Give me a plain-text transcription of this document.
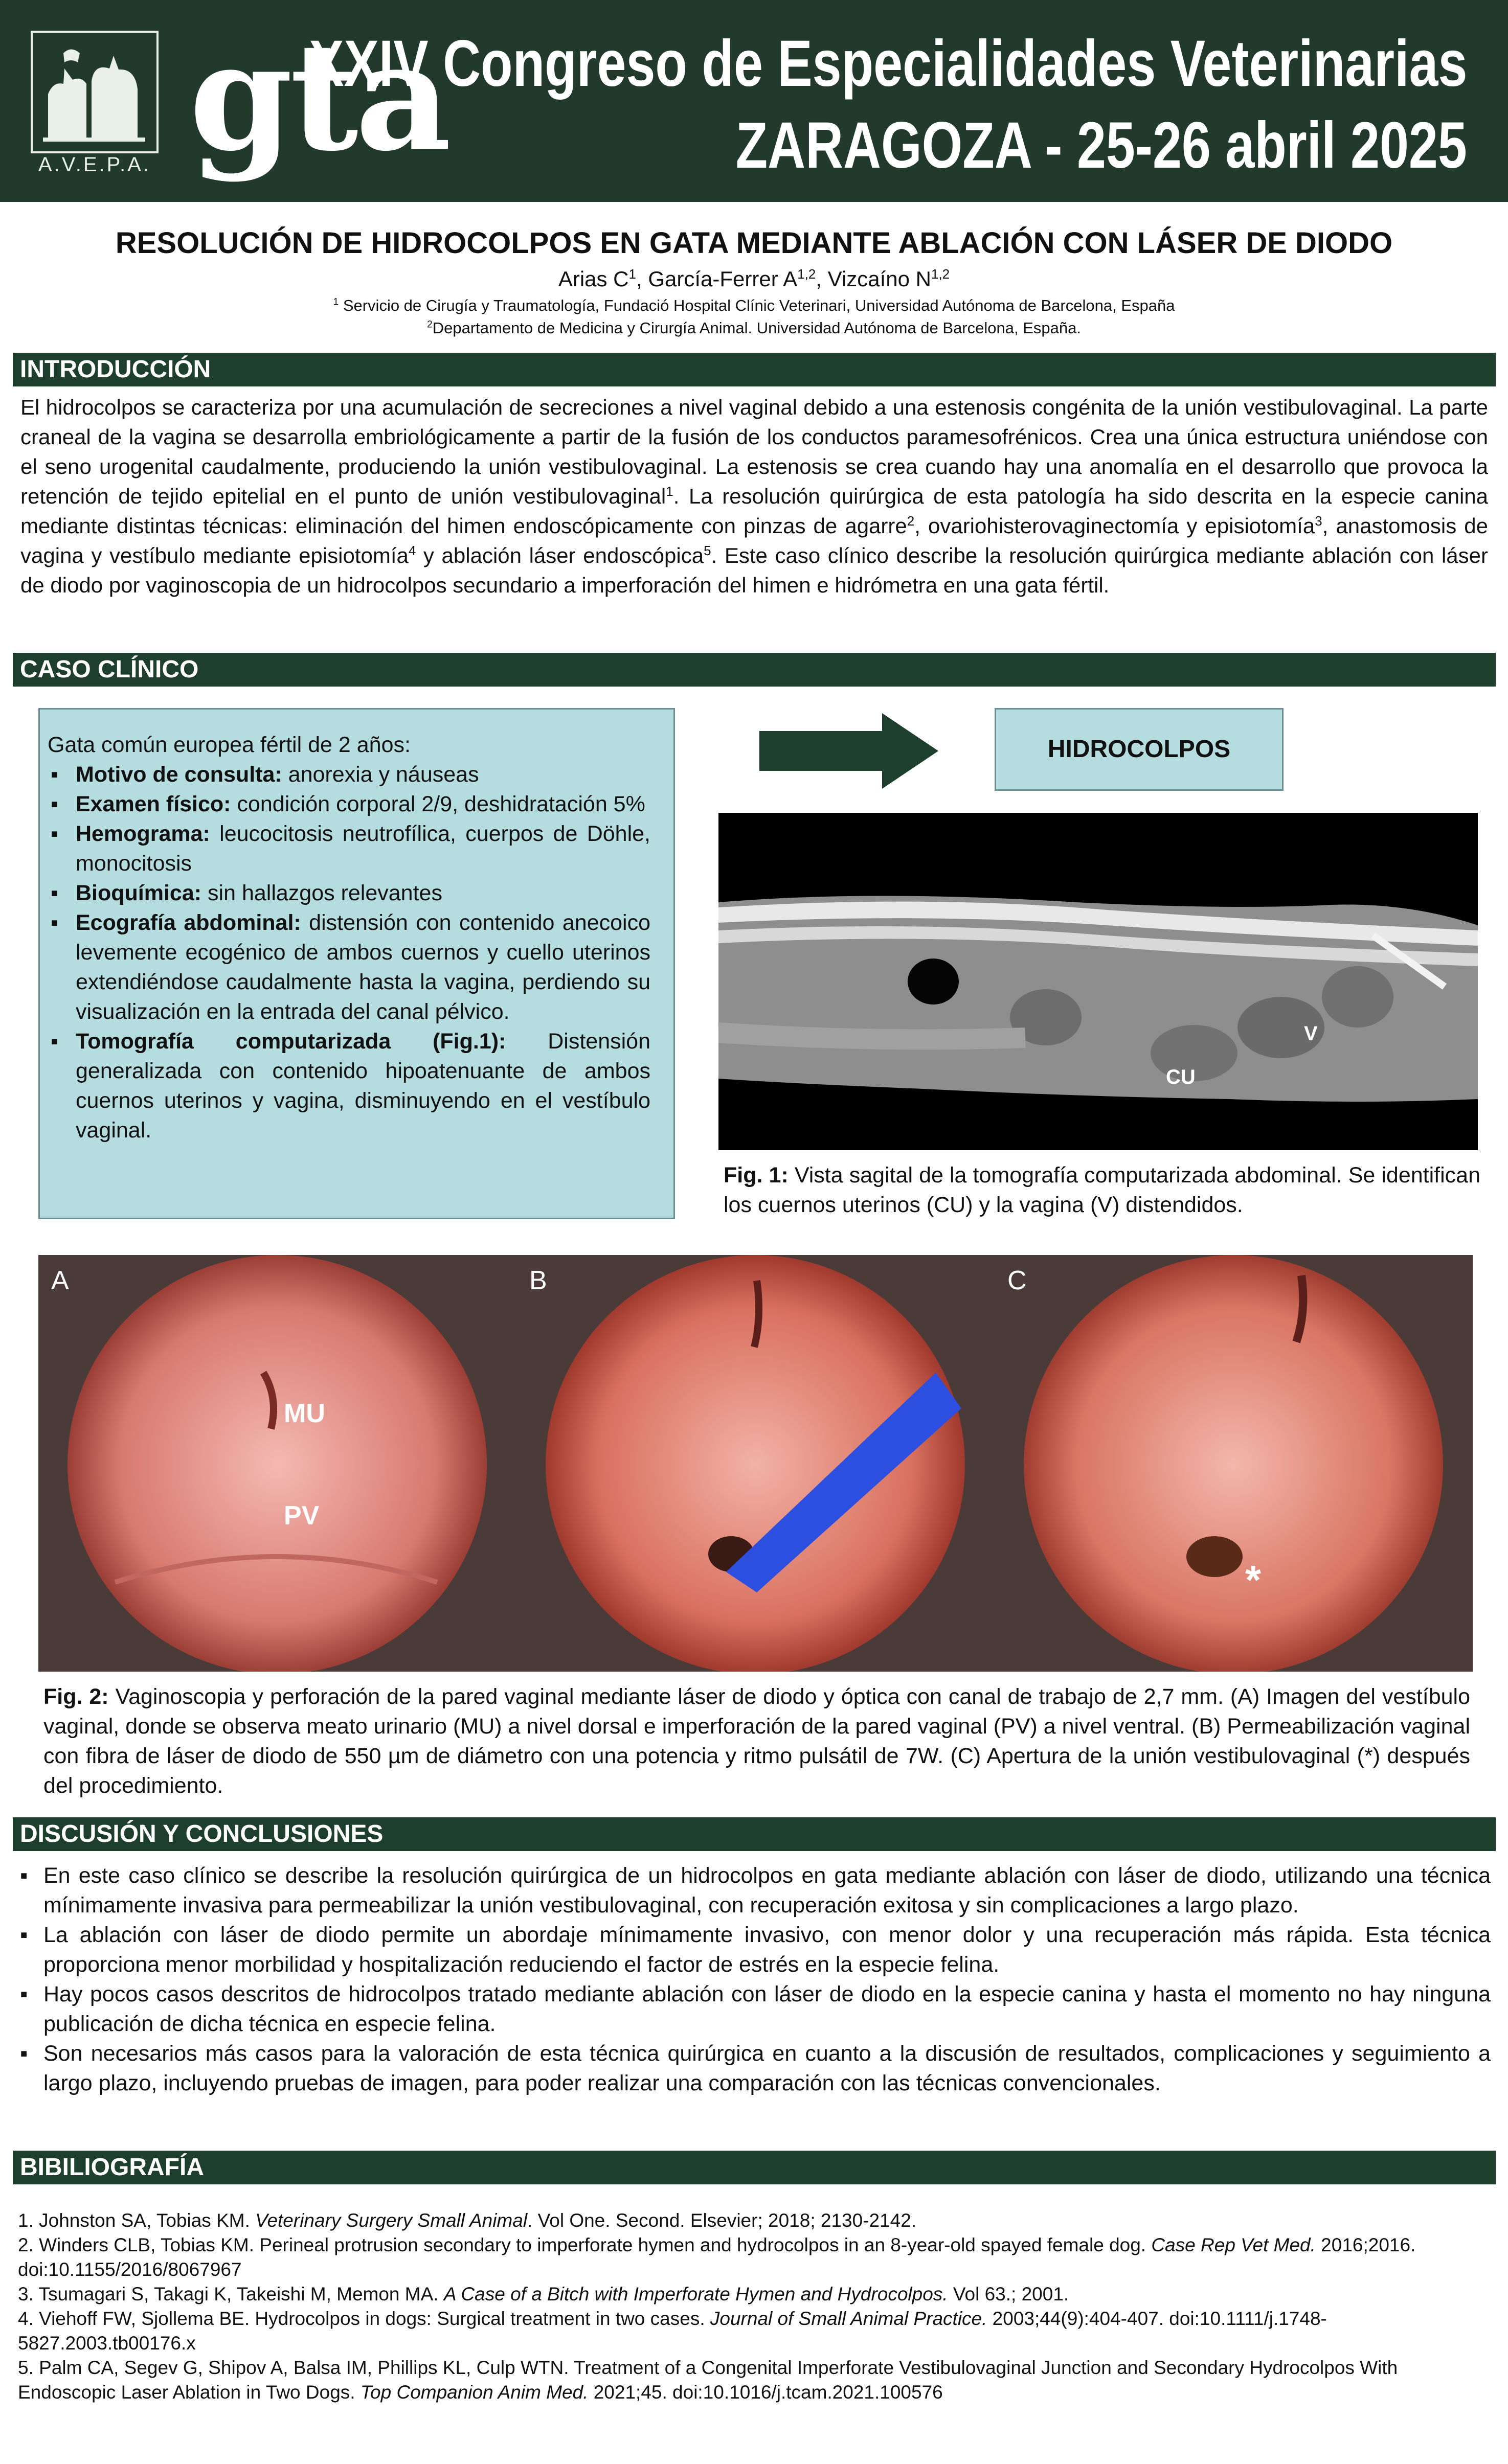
A.V.E.P.A. gta
XXIV Congreso de Especialidades Veterinarias
ZARAGOZA - 25-26 abril 2025
RESOLUCIÓN DE HIDROCOLPOS EN GATA MEDIANTE ABLACIÓN CON LÁSER DE DIODO
Arias $C^1$, García-Ferrer A$^{1,2}$, Vizcaíno N$^{1,2}$
$^1$ Servicio de Cirugía y Traumatología, Fundació Hospital Clínic Veterinari, Universidad Autónoma de Barcelona, España
$^2$Departamento de Medicina y Cirurgía Animal. Universidad Autónoma de Barcelona, España.
INTRODUCCIÓN
El hidrocolpos se caracteriza por una acumulación de secreciones a nivel vaginal debido a una estenosis congénita de la unión vestibulovaginal. La parte craneal de la vagina se desarrolla embriológicamente a partir de la fusión de los conductos paramesofrénicos. Crea una única estructura uniéndose con el seno urogenital caudalmente, produciendo la unión vestibulovaginal. La estenosis se crea cuando hay una anomalía en el desarrollo que provoca la retención de tejido epitelial en el punto de unión vestibulovaginal$^1$. La resolución quirúrgica de esta patología ha sido descrita en la especie canina mediante distintas técnicas: eliminación del himen endoscópicamente con pinzas de agarre$^2$, ovariohisterovaginectomía y episiotomía$^3$, anastomosis de vagina y vestíbulo mediante episiotomía$^4$ y ablación láser endoscópica$^5$. Este caso clínico describe la resolución quirúrgica mediante ablación con láser de diodo por vaginoscopia de un hidrocolpos secundario a imperforación del himen e hidrómetra en una gata fértil.
CASO CLÍNICO
Gata común europea fértil de 2 años:
▪ Motivo de consulta: anorexia y náuseas
▪ Examen físico: condición corporal 2/9, deshidratación 5%
▪ Hemograma: leucocitosis neutrofílica, cuerpos de Döhle, monocitosis
▪ Bioquímica: sin hallazgos relevantes
▪ Ecografía abdominal: distensión con contenido anecoico levemente ecogénico de ambos cuernos y cuello uterinos extendiéndose caudalmente hasta la vagina, perdiendo su visualización en la entrada del canal pélvico.
▪ Tomografía computarizada (Fig.1): Distensión generalizada con contenido hipoatenuante de ambos cuernos uterinos y vagina, disminuyendo en el vestíbulo vaginal.
HIDROCOLPOS
V
CU
Fig. 1: Vista sagital de la tomografía computarizada abdominal. Se identifican los cuernos uterinos (CU) y la vagina (V) distendidos.
A
MU
PV
B	C
*
Fig. 2: Vaginoscopia y perforación de la pared vaginal mediante láser de diodo y óptica con canal de trabajo de 2,7 mm. (A) Imagen del vestíbulo vaginal, donde se observa meato urinario (MU) a nivel dorsal e imperforación de la pared vaginal (PV) a nivel ventral. (B) Permeabilización vaginal con fibra de láser de diodo de 550 µm de diámetro con una potencia y ritmo pulsátil de 7W. (C) Apertura de la unión vestibulovaginal (*) después del procedimiento.
DISCUSIÓN Y CONCLUSIONES
▪ En este caso clínico se describe la resolución quirúrgica de un hidrocolpos en gata mediante ablación con láser de diodo, utilizando una técnica mínimamente invasiva para permeabilizar la unión vestibulovaginal, con recuperación exitosa y sin complicaciones a largo plazo.
▪ La ablación con láser de diodo permite un abordaje mínimamente invasivo, con menor dolor y una recuperación más rápida. Esta técnica proporciona menor morbilidad y hospitalización reduciendo el factor de estrés en la especie felina.
▪ Hay pocos casos descritos de hidrocolpos tratado mediante ablación con láser de diodo en la especie canina y hasta el momento no hay ninguna publicación de dicha técnica en especie felina.
▪ Son necesarios más casos para la valoración de esta técnica quirúrgica en cuanto a la discusión de resultados, complicaciones y seguimiento a largo plazo, incluyendo pruebas de imagen, para poder realizar una comparación con las técnicas convencionales.
BIBILIOGRAFÍA

1. Johnston SA, Tobias KM. Veterinary Surgery Small Animal. Vol One. Second. Elsevier; 2018; 2130-2142.

2. Winders CLB, Tobias KM. Perineal protrusion secondary to imperforate hymen and hydrocolpos in an 8-year-old spayed female dog. Case Rep Vet Med. 2016;2016. doi:10.1155/2016/8067967

3. Tsumagari S, Takagi K, Takeishi M, Memon MA. A Case of a Bitch with Imperforate Hymen and Hydrocolpos. Vol 63.; 2001.

4. Viehoff FW, Sjollema BE. Hydrocolpos in dogs: Surgical treatment in two cases. Journal of Small Animal Practice. 2003;44(9):404-407. doi:10.1111/j.1748-5827.2003.tb00176.x

5. Palm CA, Segev G, Shipov A, Balsa IM, Phillips KL, Culp WTN. Treatment of a Congenital Imperforate Vestibulovaginal Junction and Secondary Hydrocolpos With Endoscopic Laser Ablation in Two Dogs. Top Companion Anim Med. 2021;45. doi:10.1016/j.tcam.2021.100576
